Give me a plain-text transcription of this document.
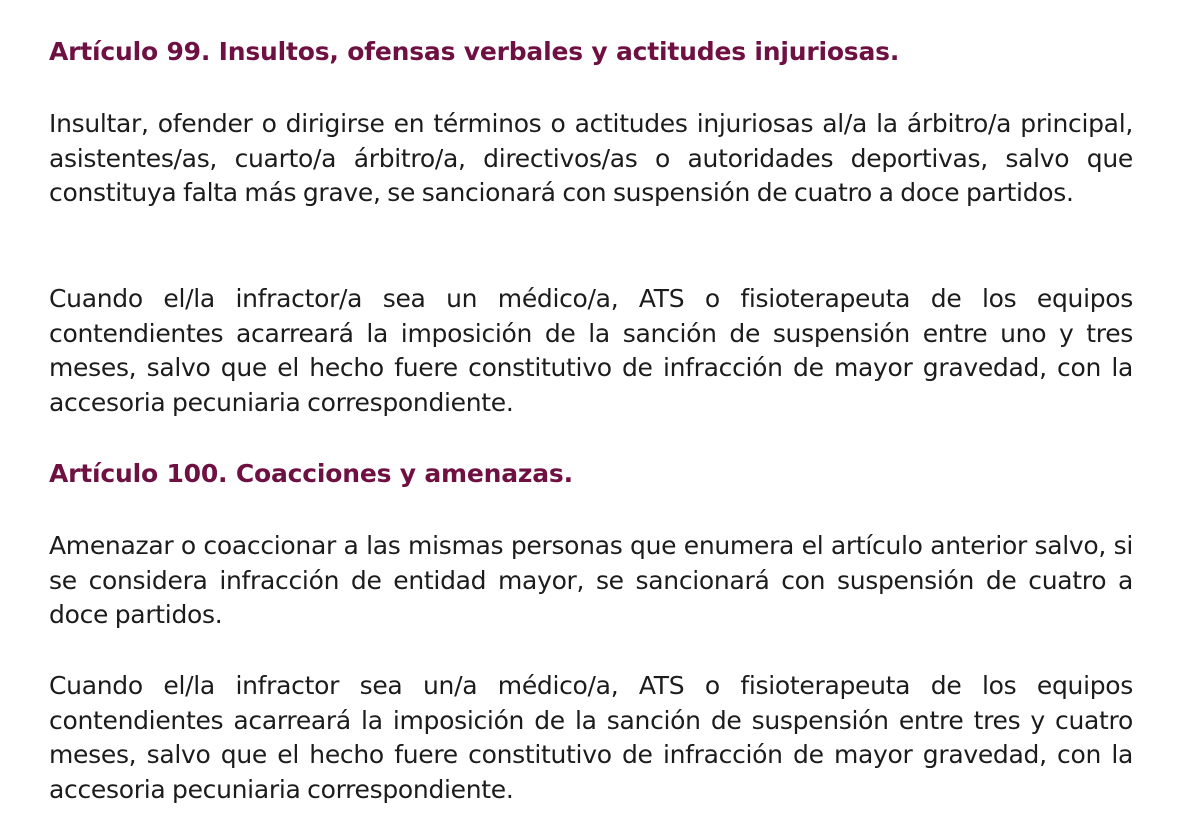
Artículo 99. Insultos, ofensas verbales y actitudes injuriosas.

Insultar, ofender o dirigirse en términos o actitudes injuriosas al/a la árbitro/a principal, asistentes/as, cuarto/a árbitro/a, directivos/as o autoridades deportivas, salvo que constituya falta más grave, se sancionará con suspensión de cuatro a doce partidos.

Cuando el/la infractor/a sea un médico/a, ATS o fisioterapeuta de los equipos contendientes acarreará la imposición de la sanción de suspensión entre uno y tres meses, salvo que el hecho fuere constitutivo de infracción de mayor gravedad, con la accesoria pecuniaria correspondiente.

Artículo 100. Coacciones y amenazas.

Amenazar o coaccionar a las mismas personas que enumera el artículo anterior salvo, si se considera infracción de entidad mayor, se sancionará con suspensión de cuatro a doce partidos.

Cuando el/la infractor sea un/a médico/a, ATS o fisioterapeuta de los equipos contendientes acarreará la imposición de la sanción de suspensión entre tres y cuatro meses, salvo que el hecho fuere constitutivo de infracción de mayor gravedad, con la accesoria pecuniaria correspondiente.
